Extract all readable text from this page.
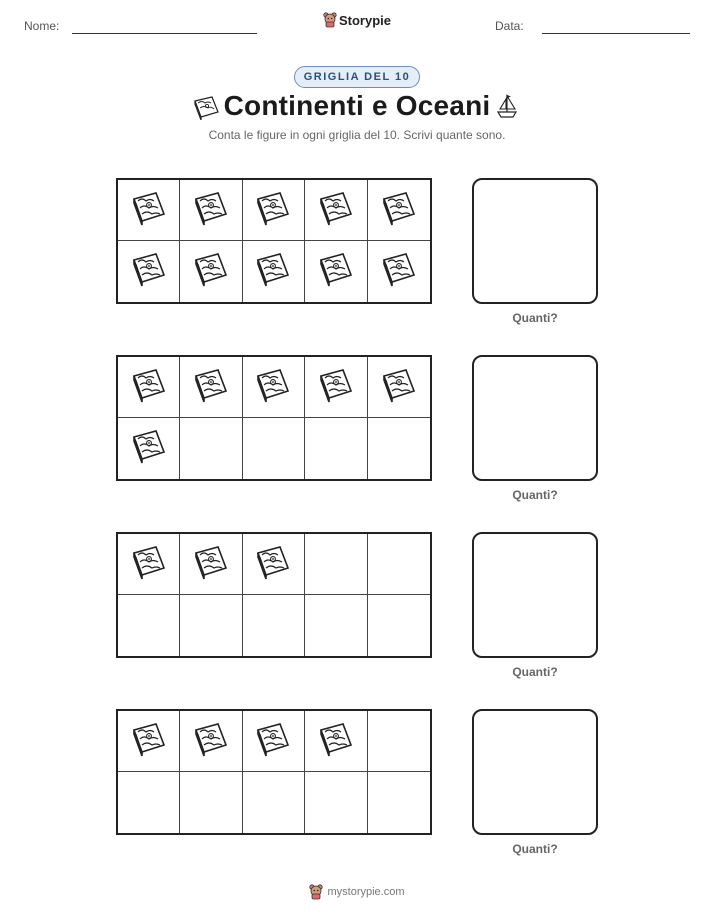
Nome:	Storypie	Data:
GRIGLIA DEL 10
Continenti e Oceani
Conta le figure in ogni griglia del 10. Scrivi quante sono.
Quanti?
Quanti?
Quanti?
Quanti?
mystorypie.com
